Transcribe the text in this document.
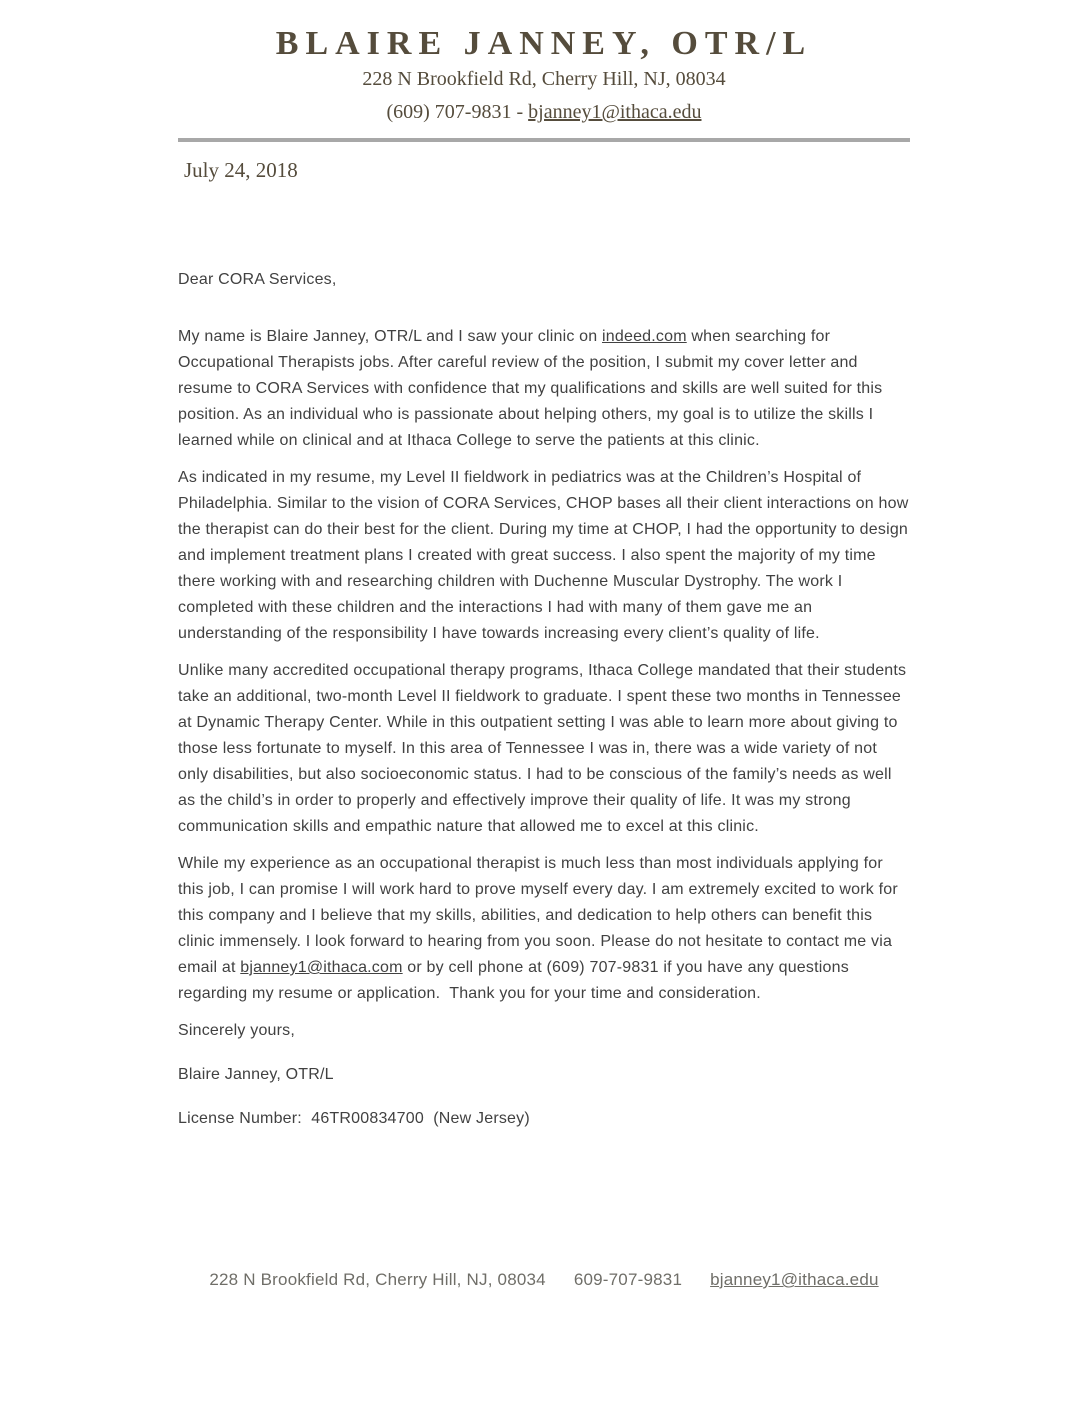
BLAIRE JANNEY, OTR/L
228 N Brookfield Rd, Cherry Hill, NJ, 08034
(609) 707-9831 - bjanney1@ithaca.edu
July 24, 2018
Dear CORA Services,

My name is Blaire Janney, OTR/L and I saw your clinic on indeed.com when searching for Occupational Therapists jobs. After careful review of the position, I submit my cover letter and resume to CORA Services with confidence that my qualifications and skills are well suited for this position. As an individual who is passionate about helping others, my goal is to utilize the skills I learned while on clinical and at Ithaca College to serve the patients at this clinic.

As indicated in my resume, my Level II fieldwork in pediatrics was at the Children’s Hospital of Philadelphia. Similar to the vision of CORA Services, CHOP bases all their client interactions on how the therapist can do their best for the client. During my time at CHOP, I had the opportunity to design and implement treatment plans I created with great success. I also spent the majority of my time there working with and researching children with Duchenne Muscular Dystrophy. The work I completed with these children and the interactions I had with many of them gave me an understanding of the responsibility I have towards increasing every client’s quality of life.

Unlike many accredited occupational therapy programs, Ithaca College mandated that their students take an additional, two-month Level II fieldwork to graduate. I spent these two months in Tennessee at Dynamic Therapy Center. While in this outpatient setting I was able to learn more about giving to those less fortunate to myself. In this area of Tennessee I was in, there was a wide variety of not only disabilities, but also socioeconomic status. I had to be conscious of the family’s needs as well as the child’s in order to properly and effectively improve their quality of life. It was my strong communication skills and empathic nature that allowed me to excel at this clinic.

While my experience as an occupational therapist is much less than most individuals applying for this job, I can promise I will work hard to prove myself every day. I am extremely excited to work for this company and I believe that my skills, abilities, and dedication to help others can benefit this clinic immensely. I look forward to hearing from you soon. Please do not hesitate to contact me via email at bjanney1@ithaca.com or by cell phone at (609) 707-9831 if you have any questions regarding my resume or application.  Thank you for your time and consideration.

Sincerely yours,
Blaire Janney, OTR/L
License Number:  46TR00834700  (New Jersey)
228 N Brookfield Rd, Cherry Hill, NJ, 08034 609-707-9831 bjanney1@ithaca.edu
